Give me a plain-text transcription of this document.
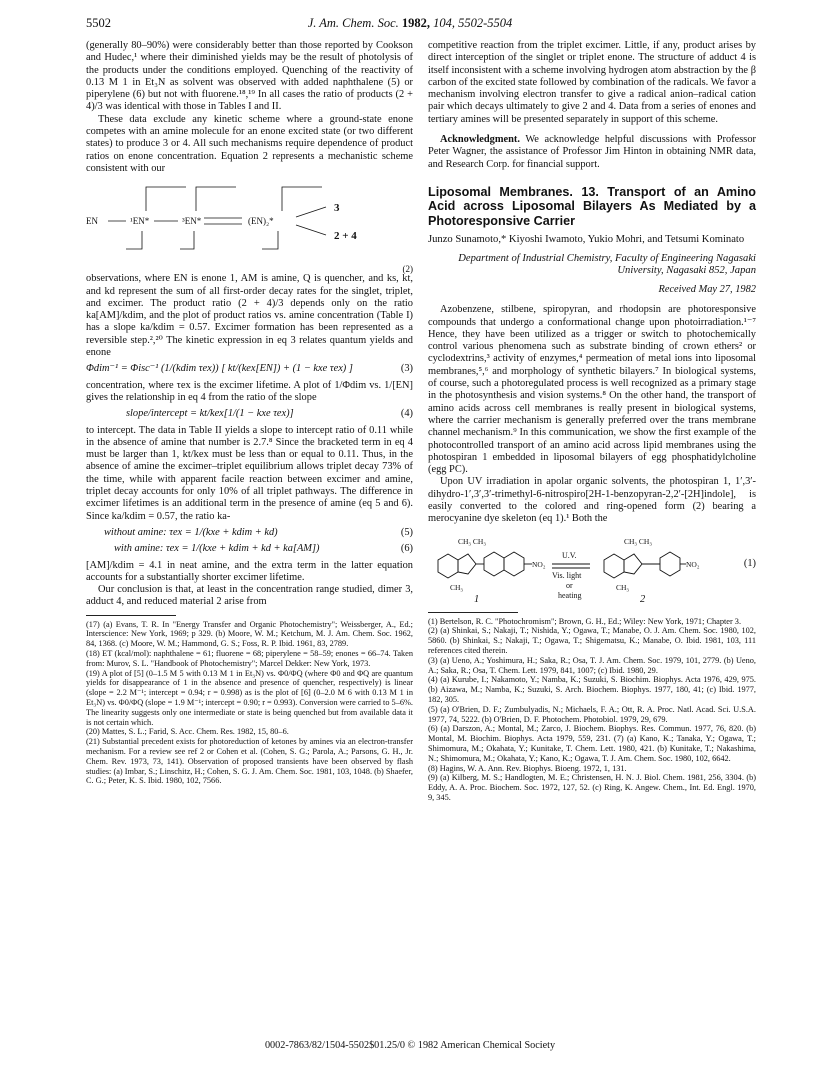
5502	J. Am. Chem. Soc. 1982, 104, 5502-5504

(generally 80–90%) were considerably better than those reported by Cookson and Hudec,¹ where their diminished yields may be the result of photolysis of the products under the conditions employed. Quenching of the reactivity of 0.13 M 1 in Et₃N as solvent was observed with added naphthalene (5) or piperylene (6) but not with fluorene.¹⁸,¹⁹ In all cases the ratio of products (2 + 4)/3 was identical with those in Tables I and II.

These data exclude any kinetic scheme where a ground-state enone competes with an amine molecule for an enone excited state (or two different states) to produce 3 or 4. All such mechanisms require dependence of product ratios on enone concentration. Equation 2 represents a mechanistic scheme consistent with our

EN	¹EN*	³EN*	(EN)₂*
3
2 + 4
(2)

observations, where EN is enone 1, AM is amine, Q is quencher, and ks, kt, and kd represent the sum of all first-order decay rates for the singlet, triplet, and excimer. The product ratio (2 + 4)/3 depends only on the ratio ka[AM]/kdim, and the plot of product ratios vs. amine concentration (Table I) has a slope ka/kdim = 0.57. Excimer formation has been represented as a reversible step.²,²⁰ The kinetic expression in eq 3 relates quantum yields and enone

Φdim⁻¹ = Φisc⁻¹ (1/(kdim τex)) [ kt/(kex[EN]) + (1 − kxe τex) ]	(3)

concentration, where τex is the excimer lifetime. A plot of 1/Φdim vs. 1/[EN] gives the relationship in eq 4 from the ratio of the slope

slope/intercept = kt/kex[1/(1 − kxe τex)]	(4)

to intercept. The data in Table II yields a slope to intercept ratio of 0.11 while in the absence of amine that number is 2.7.⁸ Since the bracketed term in eq 4 must be larger than 1, kt/kex must be less than or equal to 0.11. Thus, in the absence of amine the excimer–triplet equilibrium allows triplet decay 73% of the time, while with apparent facile reaction between excimer and amine, triplet decay accounts for only 10% of all triplet pathways. The difference in excimer lifetimes is an additional term in the presence of amine (eq 5 and 6). Since ka/kdim = 0.57, the ratio ka-

without amine: τex = 1/(kxe + kdim + kd)	(5)
with amine: τex = 1/(kxe + kdim + kd + ka[AM])	(6)

[AM]/kdim = 4.1 in neat amine, and the extra term in the latter equation accounts for a substantially shorter excimer lifetime.

Our conclusion is that, at least in the concentration range studied, dimer 3, adduct 4, and reduced material 2 arise from

(17) (a) Evans, T. R. In "Energy Transfer and Organic Photochemistry"; Weissberger, A., Ed.; Interscience: New York, 1969; p 329. (b) Moore, W. M.; Ketchum, M. J. Am. Chem. Soc. 1962, 84, 1368. (c) Moore, W. M.; Hammond, G. S.; Foss, R. P. Ibid. 1961, 83, 2789.

(18) ET (kcal/mol): naphthalene = 61; fluorene = 68; piperylene = 58–59; enones = 66–74. Taken from: Murov, S. L. "Handbook of Photochemistry"; Marcel Dekker: New York, 1973.

(19) A plot of [5] (0–1.5 M 5 with 0.13 M 1 in Et₃N) vs. Φ0/ΦQ (where Φ0 and ΦQ are quantum yields for disappearance of 1 in the absence and presence of quencher, respectively) is linear (slope = 2.2 M⁻¹; intercept = 0.94; r = 0.998) as is the plot of [6] (0–2.0 M 6 with 0.13 M 1 in Et₃N) vs. Φ0/ΦQ (slope = 1.9 M⁻¹; intercept = 0.90; r = 0.993). Conversion were carried to 5–6%. The linearity suggests only one intermediate or state is being quenched but from available data it is not certain which.

(20) Mattes, S. L.; Farid, S. Acc. Chem. Res. 1982, 15, 80–6.

(21) Substantial precedent exists for photoreduction of ketones by amines via an electron-transfer mechanism. For a review see ref 2 or Cohen et al. (Cohen, S. G.; Parola, A.; Parsons, G. H., Jr. Chem. Rev. 1973, 73, 141). Observation of proposed transients have been observed by flash studies: (a) Imbar, S.; Linschitz, H.; Cohen, S. G. J. Am. Chem. Soc. 1981, 103, 1048. (b) Shaefer, C. G.; Peter, K. S. Ibid. 1980, 102, 7566.

competitive reaction from the triplet excimer. Little, if any, product arises by direct interception of the singlet or triplet enone. The structure of adduct 4 is itself inconsistent with a scheme involving hydrogen atom abstraction by the β carbon of the excited state followed by combination of the radicals. We favor a mechanism involving electron transfer to give a radical anion–radical cation pair which decays ultimately to give 2 and 4. Data from a series of enones and tertiary amines will be presented separately in support of this scheme.

Acknowledgment. We acknowledge helpful discussions with Professor Peter Wagner, the assistance of Professor Jim Hinton in obtaining NMR data, and Research Corp. for financial support.

Liposomal Membranes. 13. Transport of an Amino Acid across Liposomal Bilayers As Mediated by a Photoresponsive Carrier
Junzo Sunamoto,* Kiyoshi Iwamoto, Yukio Mohri, and Tetsumi Kominato
Department of Industrial Chemistry, Faculty of Engineering Nagasaki University, Nagasaki 852, Japan
Received May 27, 1982

Azobenzene, stilbene, spiropyran, and rhodopsin are photoresponsive compounds that undergo a conformational change upon photoirradiation.¹⁻⁷ Hence, they have been utilized as a trigger or switch to photochemically control various phenomena such as substrate binding of crown ethers² or cyclodextrins,³ activity of enzymes,⁴ permeation of metal ions into liposomal membranes,⁵,⁶ and morphology of synthetic bilayers.⁷ In biological systems, of course, such a photoregulated process is well recognized as a primary stage in the photosynthesis and vision systems.⁸ On the other hand, the transport of amino acids across cell membranes is really present in biological systems, where the carrier mechanism is generally preferred over the trans membrane channel mechanism.⁹ In this communication, we show the first example of the photocontrolled transport of an amino acid across lipid membranes using the photospiran 1 embedded in liposomal bilayers of egg phosphatidylcholine (egg PC).

Upon UV irradiation in apolar organic solvents, the photospiran 1, 1′,3′-dihydro-1′,3′,3′-trimethyl-6-nitrospiro[2H-1-benzopyran-2,2′-[2H]indole], is easily converted to the colored and ring-opened form (2) bearing a merocyanine dye skeleton (eq 1).¹ Both the

CH₃ CH₃
CH₃
NO₂
CH₃ CH₃
CH₃
NO₂
U.V.
Vis. light
or
heating
(1)
1	2

(1) Bertelson, R. C. "Photochromism"; Brown, G. H., Ed.; Wiley: New York, 1971; Chapter 3.

(2) (a) Shinkai, S.; Nakaji, T.; Nishida, Y.; Ogawa, T.; Manabe, O. J. Am. Chem. Soc. 1980, 102, 5860. (b) Shinkai, S.; Nakaji, T.; Ogawa, T.; Shigematsu, K.; Manabe, O. Ibid. 1981, 103, 111 references cited therein.

(3) (a) Ueno, A.; Yoshimura, H.; Saka, R.; Osa, T. J. Am. Chem. Soc. 1979, 101, 2779. (b) Ueno, A.; Saka, R.; Osa, T. Chem. Lett. 1979, 841, 1007; (c) Ibid. 1980, 29.

(4) (a) Kurube, I.; Nakamoto, Y.; Namba, K.; Suzuki, S. Biochim. Biophys. Acta 1976, 429, 975. (b) Aizawa, M.; Namba, K.; Suzuki, S. Arch. Biochem. Biophys. 1977, 180, 41; (c) Ibid. 1977, 182, 305.

(5) (a) O'Brien, D. F.; Zumbulyadis, N.; Michaels, F. A.; Ott, R. A. Proc. Natl. Acad. Sci. U.S.A. 1977, 74, 5222. (b) O'Brien, D. F. Photochem. Photobiol. 1979, 29, 679.

(6) (a) Darszon, A.; Montal, M.; Zarco, J. Biochem. Biophys. Res. Commun. 1977, 76, 820. (b) Montal, M. Biochim. Biophys. Acta 1979, 559, 231. (7) (a) Kano, K.; Tanaka, Y.; Ogawa, T.; Shimomura, M.; Okahata, Y.; Kunitake, T. Chem. Lett. 1980, 421. (b) Kunitake, T.; Nakashima, N.; Shimomura, M.; Okahata, Y.; Kano, K.; Ogawa, T. J. Am. Chem. Soc. 1980, 102, 6642.

(8) Hagins, W. A. Ann. Rev. Biophys. Bioeng. 1972, 1, 131.

(9) (a) Kilberg, M. S.; Handlogten, M. E.; Christensen, H. N. J. Biol. Chem. 1981, 256, 3304. (b) Eddy, A. A. Proc. Biochem. Soc. 1972, 127, 52. (c) Ring, K. Angew. Chem., Int. Ed. Engl. 1970, 9, 345.

0002-7863/82/1504-5502$01.25/0 © 1982 American Chemical Society
